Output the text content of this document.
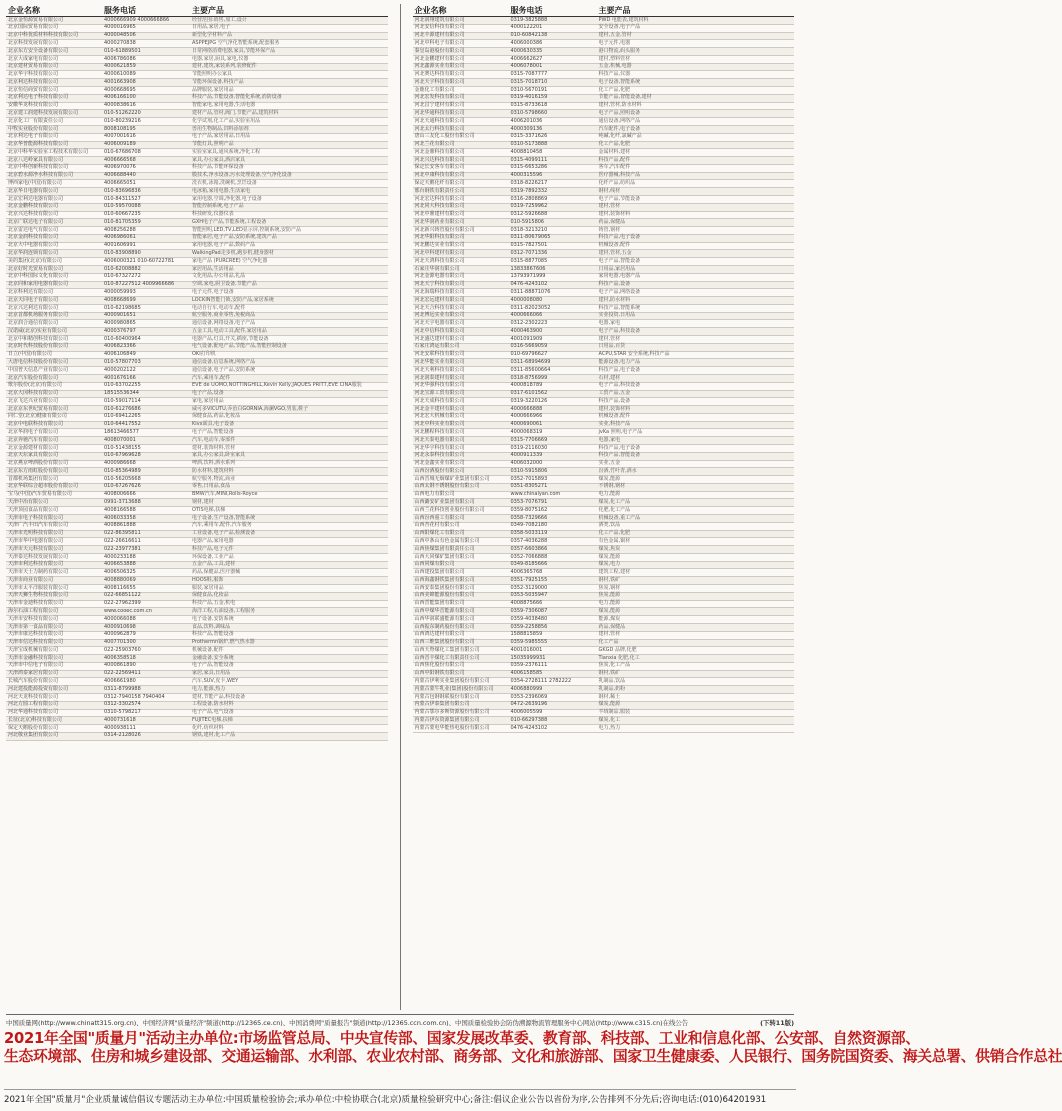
企业名称	服务电话	主要产品
北京金恒源贸易有限公司	4000666909 4000666866	经营范围:销售,加工,设计
北京国际贸易有限公司	4000016965	日用品,家居,电子
北京中科优质材料科技有限公司	4000048506	新型化学材料产品
北京科技发展有限公司	4000270838	ASPPEJPG 空气净化智能系统,配套服务
北京东方安全设备有限公司	010-61889501	日常网络消费电器,家具,节能环保产品
北京大成家电有限公司	4006786086	电器,家居,厨具,家电,仪器
北京建材贸易有限公司	4000621859	建材,建筑,家装系列,装修配件
北京华宇科技有限公司	4000610089	节能照明办公家具
北京利达科技有限公司	4001663908	节能环保设备,科技产品
北京恒信商贸有限公司	4000668695	品牌服装,家居用品
北京利达电子科技有限公司	4006166100	科技产品,节能设备,智能化系统,消防设备
安徽华龙科技有限公司	4000838616	智能家电,家用电器,生活电器
北京建工润建科技发展有限公司	010-51262220	建材产品,管材,阀门,节能产品,建筑材料
北京化工厂有限责任公司	010-80239216	化学试剂,化工产品,实验室用品
中牧实业股份有限公司	8008108195	兽用生物制品,饲料添加剂
北京利达电子有限公司	4007001616	电子产品,家居用品,日用品
北京华普能源科技有限公司	4006009189	节能灯具,照明产品
北京中科华实验室工程技术有限公司	010-67686708	实验室家具,通风系统,净化工程
北京八达岭家具有限公司	4006666568	家具,办公家具,酒店家具
北京中科创新科技有限公司	4006970076	科技产品,节能环保设备
北京碧水源净水科技有限公司	4006688440	膜技术,净水设备,污水处理设备,空气净化设备
博西家电(中国)有限公司	4006665051	洗衣机,冰箱,洗碗机,烹饪设备
北京华日电器有限公司	010-83696836	电冰箱,家用电器,生活家电
北京宏利达电器有限公司	010-84311527	家用电器,空调,净化器,电子设备
北京金鹏科技有限公司	010-59570088	智能控制系统,电子产品
北京兴达科技有限公司	010-60667235	科技研发,仪器仪表
北京广联达电子有限公司	010-81705359	GXH电子产品,节能系统,工程设备
北京雷达电气有限公司	4008256288	智能照明,LED,TV,LED显示屏,控制系统,安防产品
北京金润科技有限公司	4006986061	智能家居,电子产品,安防系统,建筑产品
北京大中电器有限公司	4001606991	家用电器,电子产品,数码产品
北京华润连锁有限公司	010-83908890	WalkingPad走步机,跑步机,健身器材
美的集团(北京)有限公司	4006000321 010-60722781	家电产品 (PURCREE) 空气净化器
北京好时光贸易有限公司	010-62008882	家居用品,生活用品
北京中科国际文化有限公司	010-67327272	文化用品,办公用品,礼品
北京同和家用电器有限公司	010-87227512 4009966686	空调,家电,厨卫设备,节能产品
北京科利达有限公司	4000059993	电子元件,电子设备
北京天同电子有限公司	4008668699	LOCKIN智能门锁,安防产品,家居系统
北京兴达利达有限公司	010-62198685	电动自行车,电动车,配件
北京首都机场服务有限公司	4000901651	航空服务,商业零售,免税商品
北京润合通信有限公司	4000980865	通信设备,网络设备,电子产品
汉诺威(北京)实业有限公司	4000376797	五金工具,电动工具,配件,家居用品
北京中和精创科技有限公司	010-60400964	电器产品,灯具,开关,插座,节能设备
北京时代科技股份有限公司	4006823366	电气设备,配电产品,节能产品,智能控制设备
日立(中国)有限公司	4006106849	OKI打印机
大唐电信科技股份有限公司	010-57807703	通信设备,信息系统,网络产品
中国普天信息产业有限公司	4000202122	通信设备,电子产品,安防系统
北京汽车股份有限公司	4001676166	汽车,乘用车,配件
歌尔股份(北京)有限公司	010-63702255	EVE de UOMO,NOTTINGHILL,Kevin Kelly,JAQUES PRITT,EVE CINA服装
北京大冈科技有限公司	18515536344	电子产品,设备
北京飞达兴业有限公司	010-59017114	家电,家居用品
北京京东世纪贸易有限公司	010-61276686	威可多VICUTU,乔治白GORNIA,海澜VGO,男装,鞋子
同仁堂(北京)健康有限公司	010-69412265	保健食品,药品,化妆品
北京中电联科技有限公司	010-64417552	Kivx面具,电子设备
北京华润电子有限公司	18613466577	电子产品,智能设备
北京奔驰汽车有限公司	4008070001	汽车,电动车,零部件
北京金源建材有限公司	010-51438155	建材,装饰材料,管材
北京天坛家具有限公司	010-67969628	家具,办公家具,卧室家具
北京燕京啤酒股份有限公司	4000986668	啤酒,饮料,酒水系列
北京东方雨虹股份有限公司	010-85364989	防水材料,建筑材料
首都机场集团有限公司	010-56205668	航空服务,物流,商业
北京华联综合超市股份有限公司	010-67267626	零售,日用品,食品
宝马(中国)汽车贸易有限公司	4008006666	BMW汽车,MINI,Rolls-Royce
天津中冶有限公司	0991-3713688	钢材,建材
天津顶园食品有限公司	4008166588	OTIS电梯,扶梯
天津市电子科技有限公司	4006033358	电子设备,生产设备,智能系统
天津广汽丰田汽车有限公司	4008861888	汽车,乘用车,配件,汽车服务
天津市光明科技有限公司	022-86395811	工业设备,电子产品,检测设备
天津市华中电器有限公司	022-26616611	电器产品,家用电器
天津市天元科技有限公司	022-23977381	科技产品,电子元件
天津泰达科技发展有限公司	4000233188	环保设备,工业产品
天津市利达科技有限公司	4006653888	五金产品,工具,建材
天津市天士力制药有限公司	4006506325	药品,保健品,医疗器械
天津市商业有限公司	4008880069	HOOS鞋,服饰
天津市太平洋服装有限公司	4008116655	服装,家居用品
天津天狮生物科技有限公司	022-66851122	保健食品,化妆品
天津市金迪科技有限公司	022-27962399	科技产品,五金,机电
海尔石油工程有限公司	www.cooec.com.cn	海洋工程,石油设备,工程服务
天津市安科技有限公司	4000066088	电子设备,安防系统
天津市第一食品有限公司	4000910698	食品,饮料,调味品
天津市康达科技有限公司	4000962879	科技产品,智能设备
天津市信达科技有限公司	4007701300	Prothermn锅炉,燃气热水器
天津宝成机械有限公司	022-25903760	机械设备,配件
天津市金融科技有限公司	4006358518	金融设备,安全系统
天津市中信电子有限公司	4000861890	电子产品,智能设备
天津鸿泰家居有限公司	022-22569411	家居,家具,日用品
长城汽车股份有限公司	4006661980	汽车,SUV,皮卡,WEY
河北建投能源投资有限公司	0311-8799988	电力,能源,热力
河北天龙科技有限公司	0312-7940158 7940404	建材,节能产品,科技设备
河北方圆工程有限公司	0312-3302574	工程设备,防水材料
河北华通科技有限公司	0310-5798217	电子产品,电气设备
长征(北京)科技有限公司	4000731618	FUJITEC电梯,扶梯
保定天鹅股份有限公司	4000938111	化纤,纺织材料
河北敬业集团有限公司	0314-2128026	钢铁,建材,化工产品
企业名称	服务电话	主要产品
河北润翔建筑有限公司	0319-3825888	PWD 电能表,建筑材料
河北安信科技有限公司	4000122201	安全设备,电子产品
河北丰源建材有限公司	010-60842138	建材,五金,管材
河北中科电子有限公司	4006000386	电子元件,电器
秦皇岛港股份有限公司	4000630335	港口物流,码头服务
河北金鹏建材有限公司	4006662627	建材,塑料管材
河北鑫源实业有限公司	4006078001	五金,机械,电器
河北赛达科技有限公司	0315-7087777	科技产品,仪器
河北天宇科技有限公司	0315-7018710	电子设备,智能系统
金鹿化工有限公司	0310-5670191	化工产品,化肥
河北宏发科技有限公司	0319-4016159	节能产品,智能设备,建材
河北昌宁建材有限公司	0315-8733618	建材,管材,防水材料
河北华通科技有限公司	0310-5798660	电子产品,照明设备
河北天通科技有限公司	4006201036	通信设备,网络产品
河北太行科技有限公司	4000309136	汽车配件,电子设备
唐山三友化工股份有限公司	0315-3371626	纯碱,化纤,氯碱产品
河北兰花有限公司	0310-5173888	化工产品,化肥
河北金鼎科技有限公司	4008810458	金属材料,建材
河北兴达科技有限公司	0315-4099111	科技产品,配件
保定长安客车有限公司	0315-6653286	客车,汽车配件
河北中康科技有限公司	4000315596	医疗器械,科技产品
保定天鹅化纤有限公司	0318-8226217	化纤产品,纺织品
邢台钢铁有限责任公司	0319-7892332	钢材,线材
河北宏达科技有限公司	0316-2808869	电子产品,节能设备
河北同大科技有限公司	0319-7259962	建材,管材
河北中鼎建材有限公司	0312-5926688	建材,装饰材料
河北华润药业有限公司	010-5915806	药品,保健品
河北新兴铸管股份有限公司	0318-3213210	铸管,钢材
河北华阳科技有限公司	0311-80679065	科技产品,电子设备
河北鹏达实业有限公司	0315-7827501	机械设备,配件
河北中科建材有限公司	0312-7071336	建材,管材,五金
河北天鸿科技有限公司	0315-8877085	电子产品,智能设备
石家庄华润有限公司	13833867606	日用品,家居用品
河北金源电器有限公司	13793971999	家用电器,电器产品
河北天宁科技有限公司	0476-4243102	科技产品,设备
河北海瑞科技有限公司	0311-88871076	电子产品,网络设备
河北宏远建材有限公司	4000008080	建材,防水材料
河北天合科技有限公司	0311-82023052	科技产品,智能系统
河北博远实业有限公司	4000666066	实业投资,日用品
河北天宇电器有限公司	0312-2302223	电器,家电
河北中信科技有限公司	4000463900	电子产品,科技设备
河北盛达建材有限公司	4001091909	建材,管材
石家庄鸿运有限公司	0316-5669059	日用品,百货
河北安联科技有限公司	010-69796627	ACPU,STAR 安全系统,科技产品
河北华能实业有限公司	0311-68994699	能源设备,电力产品
河北天利科技有限公司	0311-85600664	科技产品,电子设备
河北润泰建材有限公司	0318-8756999	石材,建材
河北华强科技有限公司	4000818789	电子产品,科技设备
河北宝源工贸有限公司	0317-6101562	工贸产品,五金
河北天成科技有限公司	0319-3220126	科技产品,设备
河北金丰建材有限公司	4000666888	建材,装饰材料
河北宏大机械有限公司	4000666966	机械设备,配件
河北中科实业有限公司	4000690061	实业,科技产品
河北鹏程科技有限公司	4000068319	jvKa 照明,电子产品
河北天泰电器有限公司	0315-7706669	电器,家电
河北华宇科技有限公司	0319-2116030	科技产品,电子设备
河北永泰科技有限公司	4000911339	科技产品,智能设备
河北金鑫实业有限公司	4006032000	实业,五金
山西汾酒股份有限公司	0310-5915806	汾酒,竹叶青,酒水
山西晋城无烟煤矿业集团有限公司	0352-7015893	煤炭,能源
山西太钢不锈钢股份有限公司	0351-8305271	不锈钢,钢材
山西电力有限公司	www.chinalyan.com	电力,能源
山西潞安矿业集团有限公司	0353-7076791	煤炭,化工产品
山西兰花科技创业股份有限公司	0359-8075162	化肥,化工产品
山西汾西重工有限公司	0358-7329666	机械设备,重工产品
山西杏花村有限公司	0349-7082180	酒类,饮品
山西阳煤化工有限公司	0358-5033119	化工产品,化肥
山西中条山有色金属有限公司	0357-4036288	有色金属,铜材
山西焦煤集团有限责任公司	0357-6603866	煤炭,焦炭
山西大同煤矿集团有限公司	0352-7066888	煤炭,能源
山西同煤有限公司	0349-8185666	煤炭,电力
山西建投集团有限公司	4006365768	建筑工程,建材
山西海鑫钢铁集团有限公司	0351-7925155	钢材,铁矿
山西安泰集团股份有限公司	0352-3129000	焦炭,钢材
山西美锦能源股份有限公司	0353-5035947	焦炭,能源
山西晋能集团有限公司	4008875666	电力,能源
山西中煤华晋能源有限公司	0359-7306087	煤炭,能源
山西华润联盛能源有限公司	0359-4038480	能源,煤炭
山西振东制药股份有限公司	0359-2258856	药品,保健品
山西鸿达建材有限公司	1588815859	建材,管材
山西三维集团股份有限公司	0359-5985555	化工产品
山西天脊煤化工集团有限公司	4001016001	GKGD 品牌,化肥
山西晋丰煤化工有限责任公司	15035999931	Tianxia 化肥,化工
山西焦化股份有限公司	0359-2376111	焦炭,化工产品
山西中阳钢铁有限公司	4006158585	钢材,铁矿
内蒙古伊利实业集团股份有限公司	0354-2728111 2782222	乳制品,饮品
内蒙古蒙牛乳业(集团)股份有限公司	4006880999	乳制品,奶粉
内蒙古包钢钢联股份有限公司	0353-2396069	钢材,稀土
内蒙古伊泰集团有限公司	0472-2639196	煤炭,能源
内蒙古鄂尔多斯资源股份有限公司	4006005599	羊绒制品,服装
内蒙古伊东资源集团有限公司	010-66297388	煤炭,化工
内蒙古蒙电华能热电股份有限公司	0476-4243102	电力,热力
中国质量网(http://www.chinatt315.org.cn)、中国经济网"质量经济"频道(http://12365.ce.cn)、中国消费网"质量报告"频道(http://12365.ccn.com.cn)、中国质量检验协会防伪溯源物流管理服务中心网站(http://www.c315.cn)在线公告	(下转11版)
2021年全国"质量月"活动主办单位:市场监管总局、中央宣传部、国家发展改革委、教育部、科技部、工业和信息化部、公安部、自然资源部、
生态环境部、住房和城乡建设部、交通运输部、水利部、农业农村部、商务部、文化和旅游部、国家卫生健康委、人民银行、国务院国资委、海关总署、供销合作总社
2021年全国"质量月"企业质量诚信倡议专题活动主办单位:中国质量检验协会;承办单位:中检协联合(北京)质量检验研究中心;备注:倡议企业公告以省份为序,公告排列不分先后;咨询电话:(010)64201931
